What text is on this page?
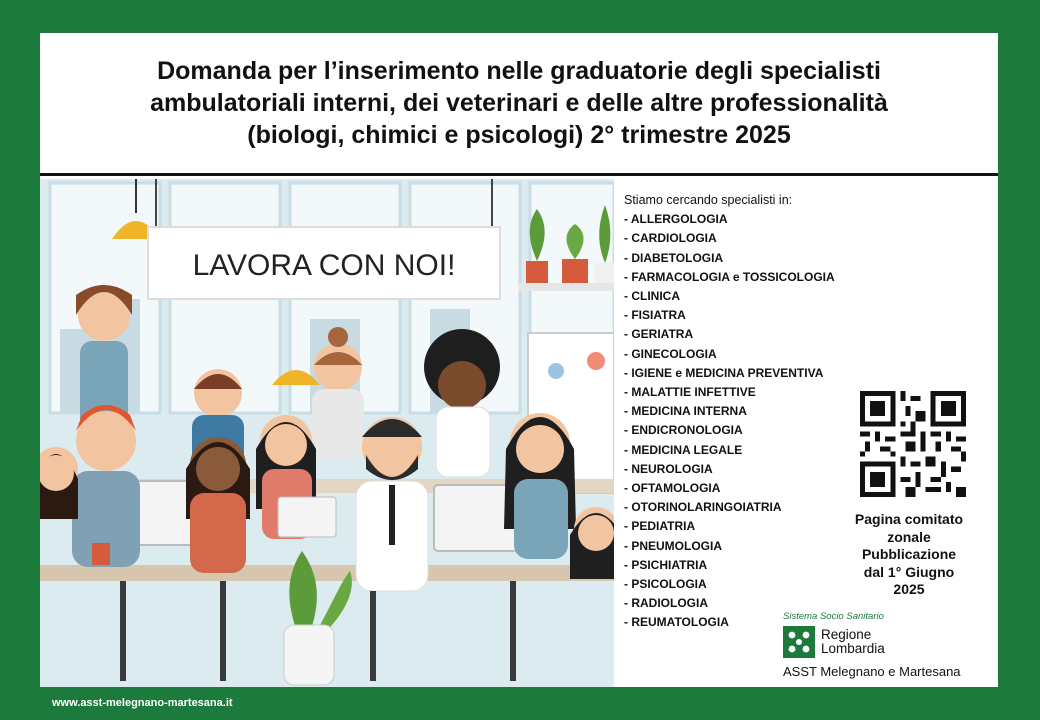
Domanda per l’inserimento nelle graduatorie degli specialisti
ambulatoriali interni, dei veterinari e delle altre professionalità
(biologi, chimici e psicologi) 2° trimestre 2025
LAVORA CON NOI!
Stiamo cercando specialisti in:
- ALLERGOLOGIA
- CARDIOLOGIA
- DIABETOLOGIA
- FARMACOLOGIA e TOSSICOLOGIA
- CLINICA
- FISIATRA
- GERIATRA
- GINECOLOGIA
- IGIENE e MEDICINA PREVENTIVA
- MALATTIE INFETTIVE
- MEDICINA INTERNA
- ENDICRONOLOGIA
- MEDICINA LEGALE
- NEUROLOGIA
- OFTAMOLOGIA
- OTORINOLARINGOIATRIA
- PEDIATRIA
- PNEUMOLOGIA
- PSICHIATRIA
- PSICOLOGIA
- RADIOLOGIA
- REUMATOLOGIA
Pagina comitato
zonale
Pubblicazione
dal 1° Giugno
2025
Sistema Socio Sanitario
Regione
Lombardia
ASST Melegnano e Martesana
www.asst-melegnano-martesana.it
